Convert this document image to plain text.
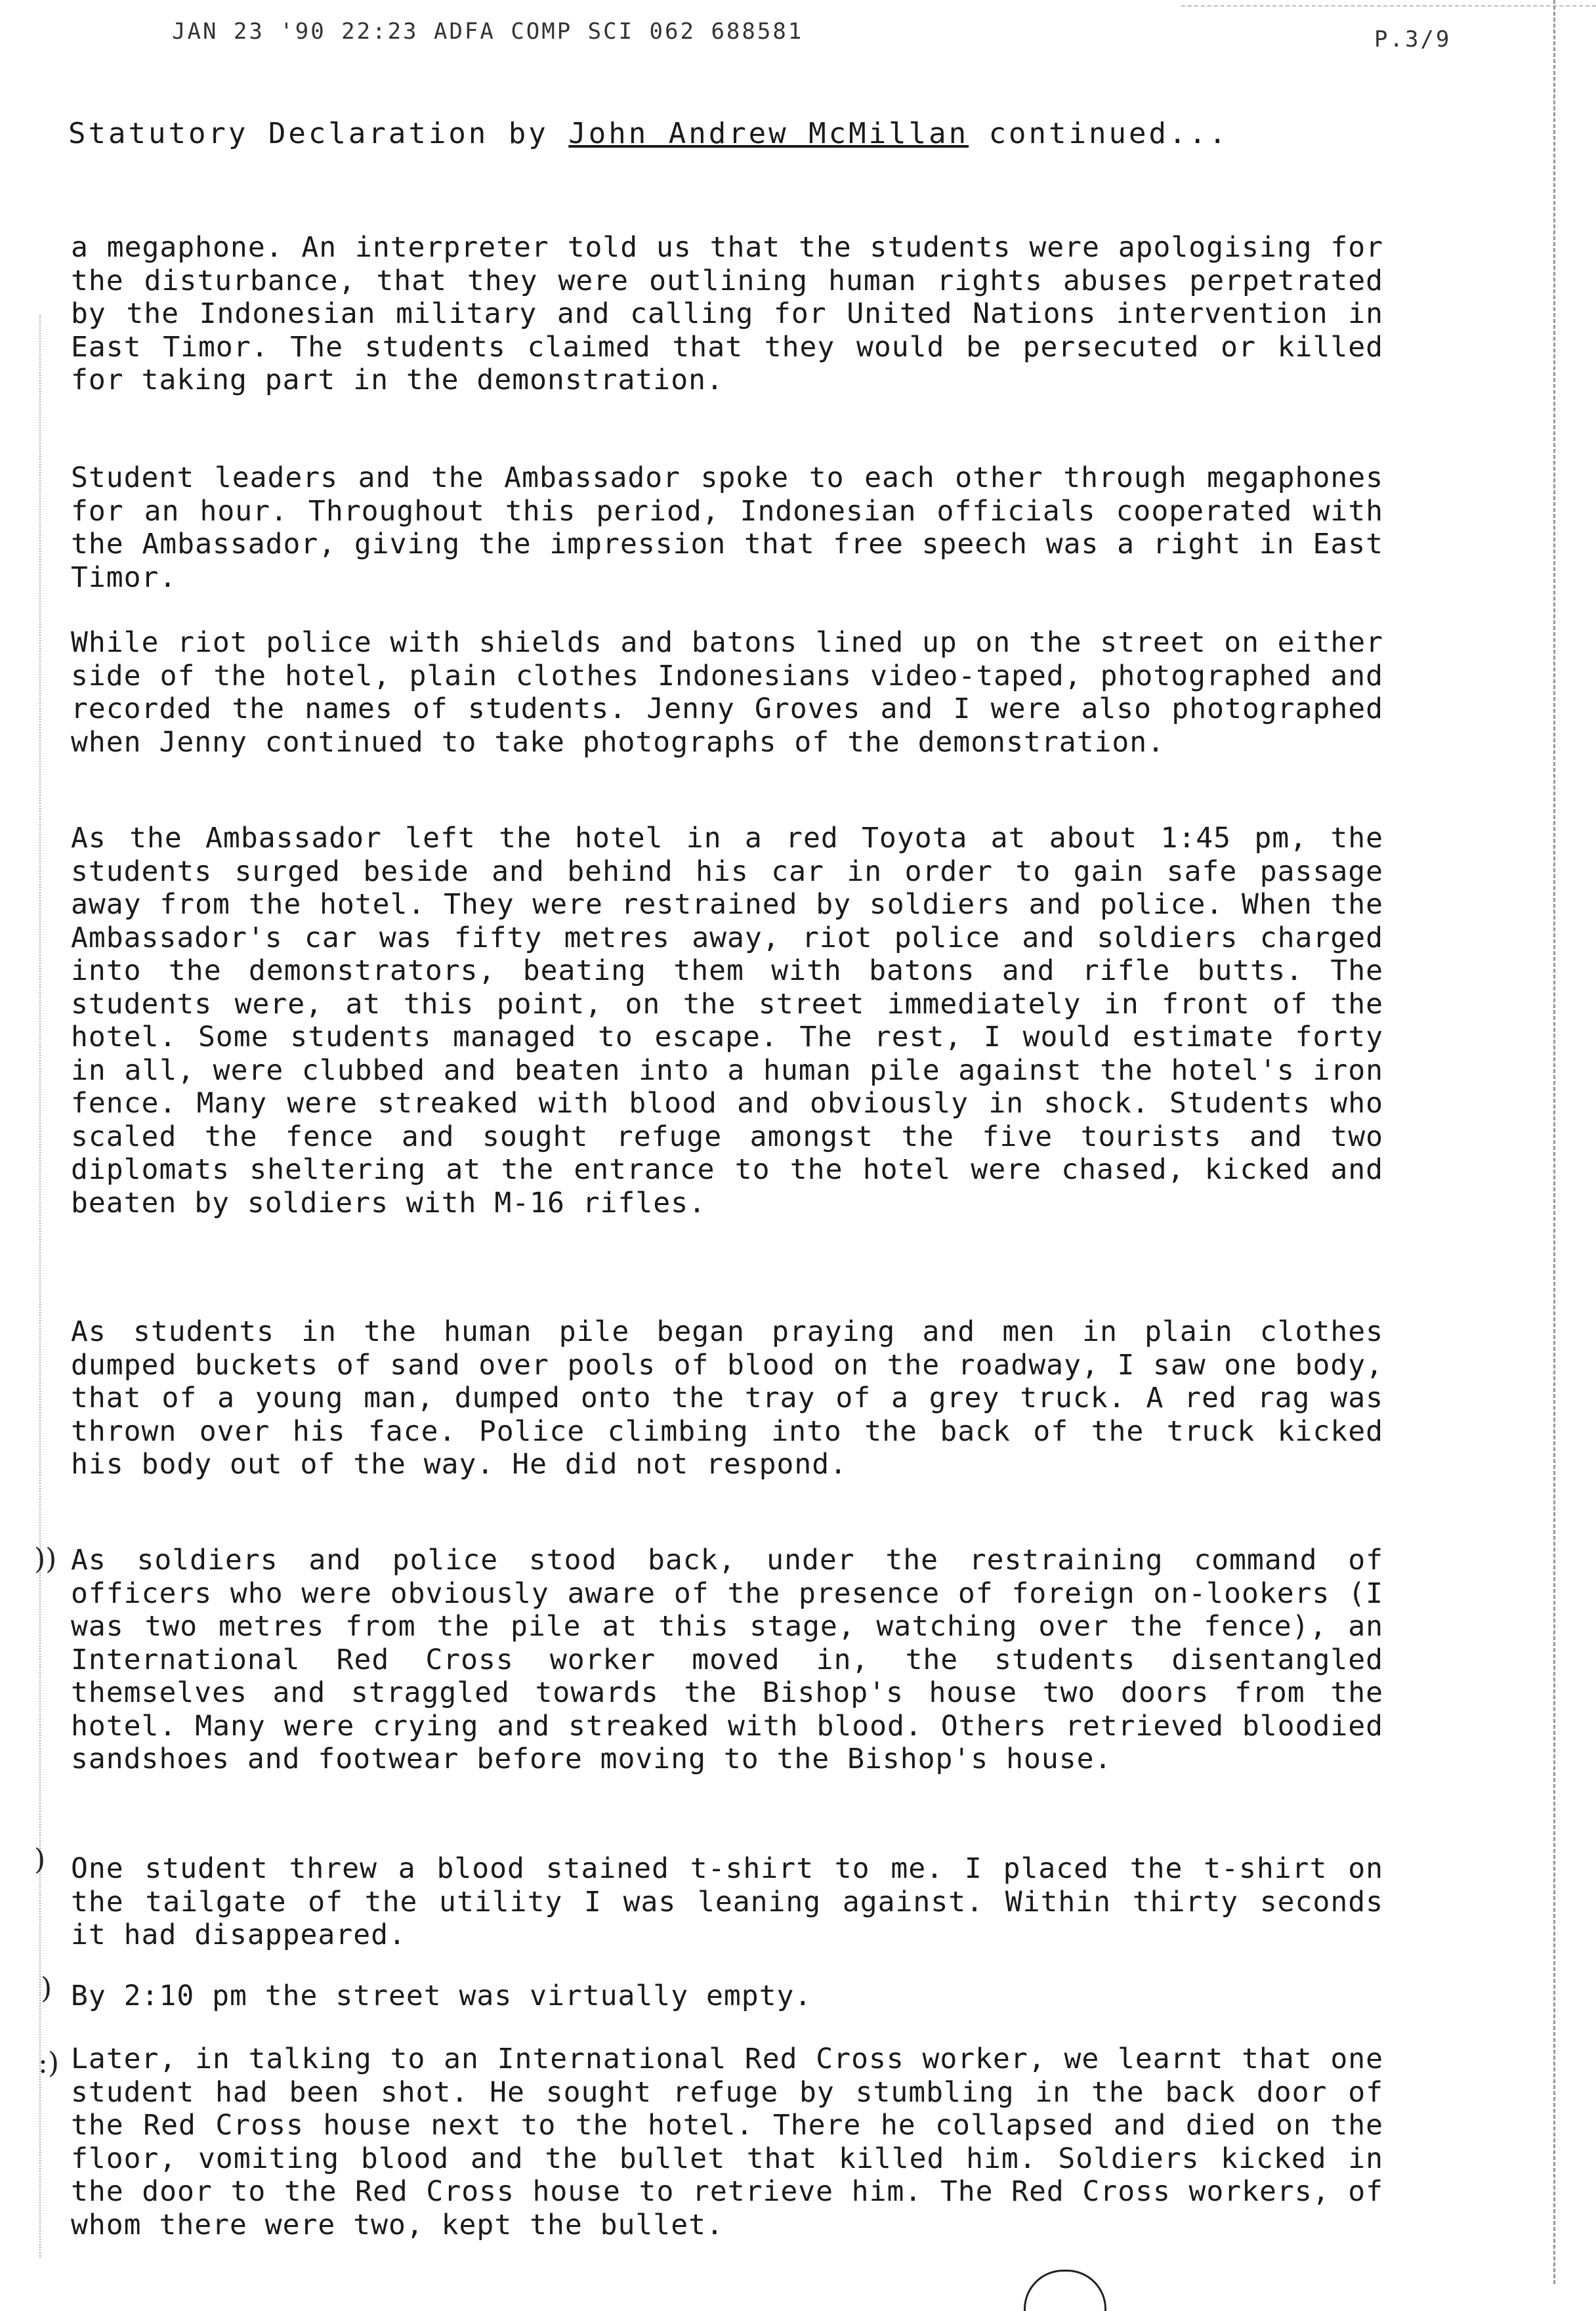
JAN 23 '90 22:23 ADFA COMP SCI 062 688581	P.3/9
Statutory Declaration by John Andrew McMillan continued...

a megaphone. An interpreter told us that the students were apologising for the disturbance, that they were outlining human rights abuses perpetrated by the Indonesian military and calling for United Nations intervention in East Timor. The students claimed that they would be persecuted or killed for taking part in the demonstration.

Student leaders and the Ambassador spoke to each other through megaphones for an hour. Throughout this period, Indonesian officials cooperated with the Ambassador, giving the impression that free speech was a right in East Timor.

While riot police with shields and batons lined up on the street on either side of the hotel, plain clothes Indonesians video-taped, photographed and recorded the names of students. Jenny Groves and I were also photographed when Jenny continued to take photographs of the demonstration.

As the Ambassador left the hotel in a red Toyota at about 1:45 pm, the students surged beside and behind his car in order to gain safe passage away from the hotel. They were restrained by soldiers and police. When the Ambassador's car was fifty metres away, riot police and soldiers charged into the demonstrators, beating them with batons and rifle butts. The students were, at this point, on the street immediately in front of the hotel. Some students managed to escape. The rest, I would estimate forty in all, were clubbed and beaten into a human pile against the hotel's iron fence. Many were streaked with blood and obviously in shock. Students who scaled the fence and sought refuge amongst the five tourists and two diplomats sheltering at the entrance to the hotel were chased, kicked and beaten by soldiers with M-16 rifles.

As students in the human pile began praying and men in plain clothes dumped buckets of sand over pools of blood on the roadway, I saw one body, that of a young man, dumped onto the tray of a grey truck. A red rag was thrown over his face. Police climbing into the back of the truck kicked his body out of the way. He did not respond.

As soldiers and police stood back, under the restraining command of officers who were obviously aware of the presence of foreign on-lookers (I was two metres from the pile at this stage, watching over the fence), an International Red Cross worker moved in, the students disentangled themselves and straggled towards the Bishop's house two doors from the hotel. Many were crying and streaked with blood. Others retrieved bloodied sandshoes and footwear before moving to the Bishop's house.

One student threw a blood stained t-shirt to me. I placed the t-shirt on the tailgate of the utility I was leaning against. Within thirty seconds it had disappeared.

By 2:10 pm the street was virtually empty.

Later, in talking to an International Red Cross worker, we learnt that one student had been shot. He sought refuge by stumbling in the back door of the Red Cross house next to the hotel. There he collapsed and died on the floor, vomiting blood and the bullet that killed him. Soldiers kicked in the door to the Red Cross house to retrieve him. The Red Cross workers, of whom there were two, kept the bullet.

)
)
))
:)
